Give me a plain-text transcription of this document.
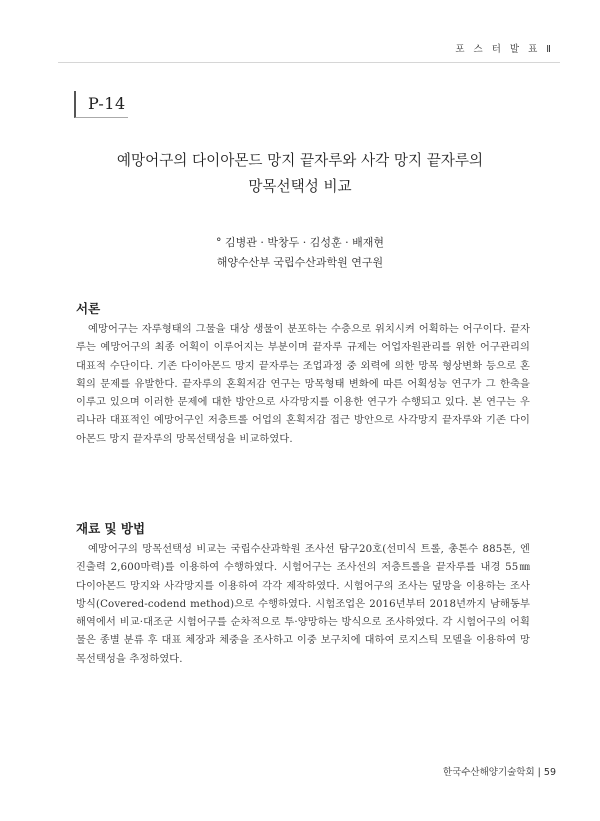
포 스 터 발 표 Ⅱ
P-14
예망어구의 다이아몬드 망지 끝자루와 사각 망지 끝자루의
망목선택성 비교
° 김병관 · 박창두 · 김성훈 · 배재현
해양수산부 국립수산과학원 연구원
서론
예망어구는 자루형태의 그물을 대상 생물이 분포하는 수층으로 위치시켜 어획하는 어구이다. 끝자루는 예망어구의 최종 어획이 이루어지는 부분이며 끝자루 규제는 어업자원관리를 위한 어구관리의 대표적 수단이다. 기존 다이아몬드 망지 끝자루는 조업과정 중 외력에 의한 망목 형상변화 등으로 혼획의 문제를 유발한다. 끝자루의 혼획저감 연구는 망목형태 변화에 따른 어획성능 연구가 그 한축을 이루고 있으며 이러한 문제에 대한 방안으로 사각망지를 이용한 연구가 수행되고 있다. 본 연구는 우리나라 대표적인 예망어구인 저층트롤 어업의 혼획저감 접근 방안으로 사각망지 끝자루와 기존 다이아몬드 망지 끝자루의 망목선택성을 비교하였다.
재료 및 방법
예망어구의 망목선택성 비교는 국립수산과학원 조사선 탐구20호(선미식 트롤, 총톤수 885톤, 엔진출력 2,600마력)를 이용하여 수행하였다. 시험어구는 조사선의 저층트롤을 끝자루를 내경 55㎜ 다이아몬드 망지와 사각망지를 이용하여 각각 제작하였다. 시험어구의 조사는 덮망을 이용하는 조사방식(Covered-codend method)으로 수행하였다. 시험조업은 2016년부터 2018년까지 남해동부해역에서 비교·대조군 시험어구를 순차적으로 투·양망하는 방식으로 조사하였다. 각 시험어구의 어획물은 종별 분류 후 대표 체장과 체중을 조사하고 이중 보구치에 대하여 로지스틱 모델을 이용하여 망목선택성을 추정하였다.
한국수산해양기술학회 | 59
